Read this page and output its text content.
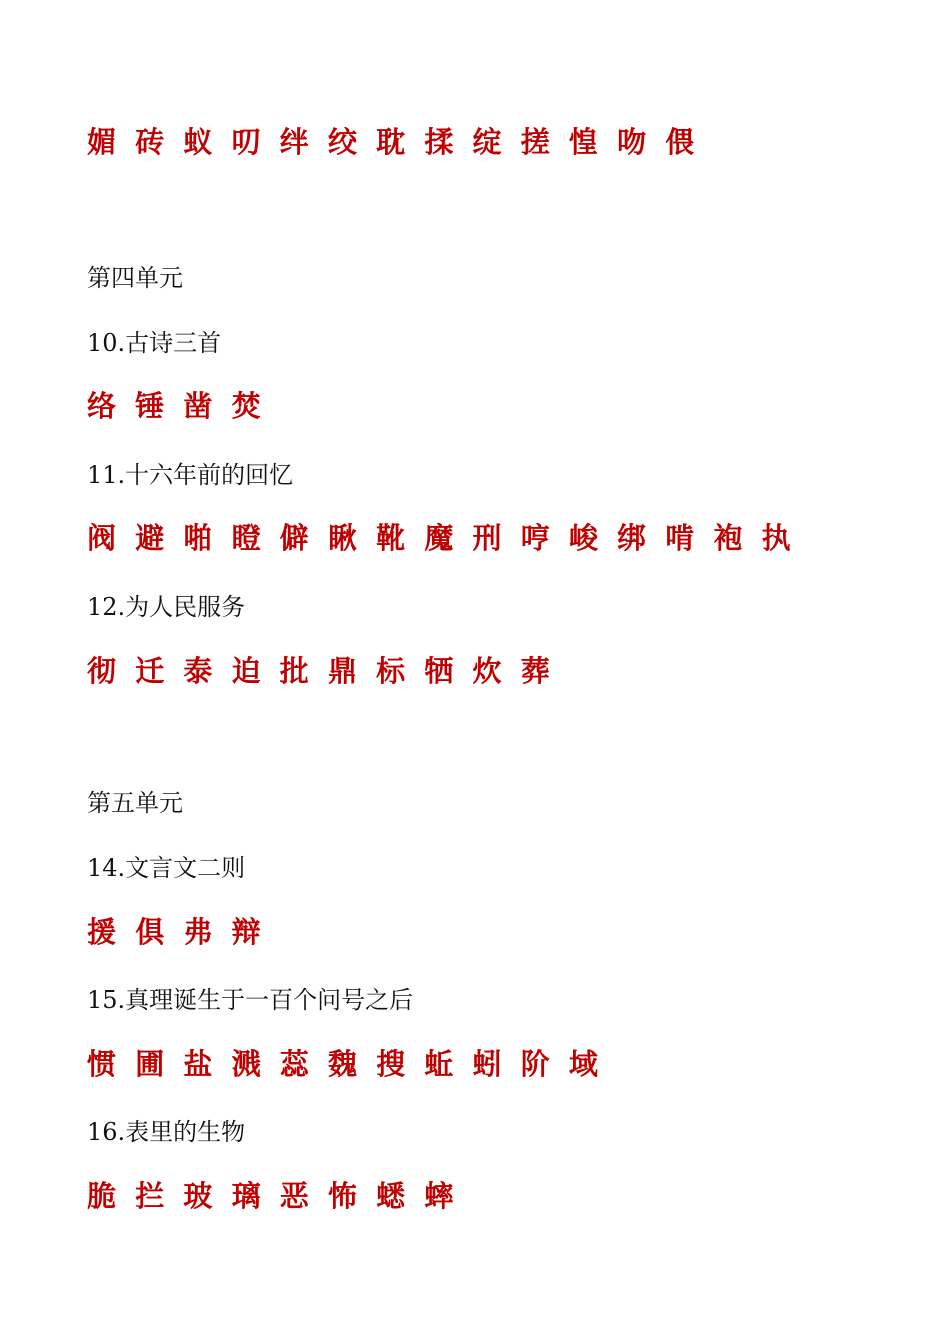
媚 砖 蚁 叨 绊 绞 耽 揉 绽 搓 惶 吻 偎
第四单元
10.古诗三首
络 锤 凿 焚
11.十六年前的回忆
阀 避 啪 瞪 僻 瞅 靴 魔 刑 哼 峻 绑 啃 袍 执
12.为人民服务
彻 迁 泰 迫 批 鼎 标 牺 炊 葬
第五单元
14.文言文二则
援 俱 弗 辩
15.真理诞生于一百个问号之后
惯 圃 盐 溅 蕊 魏 搜 蚯 蚓 阶 域
16.表里的生物
脆 拦 玻 璃 恶 怖 蟋 蟀
